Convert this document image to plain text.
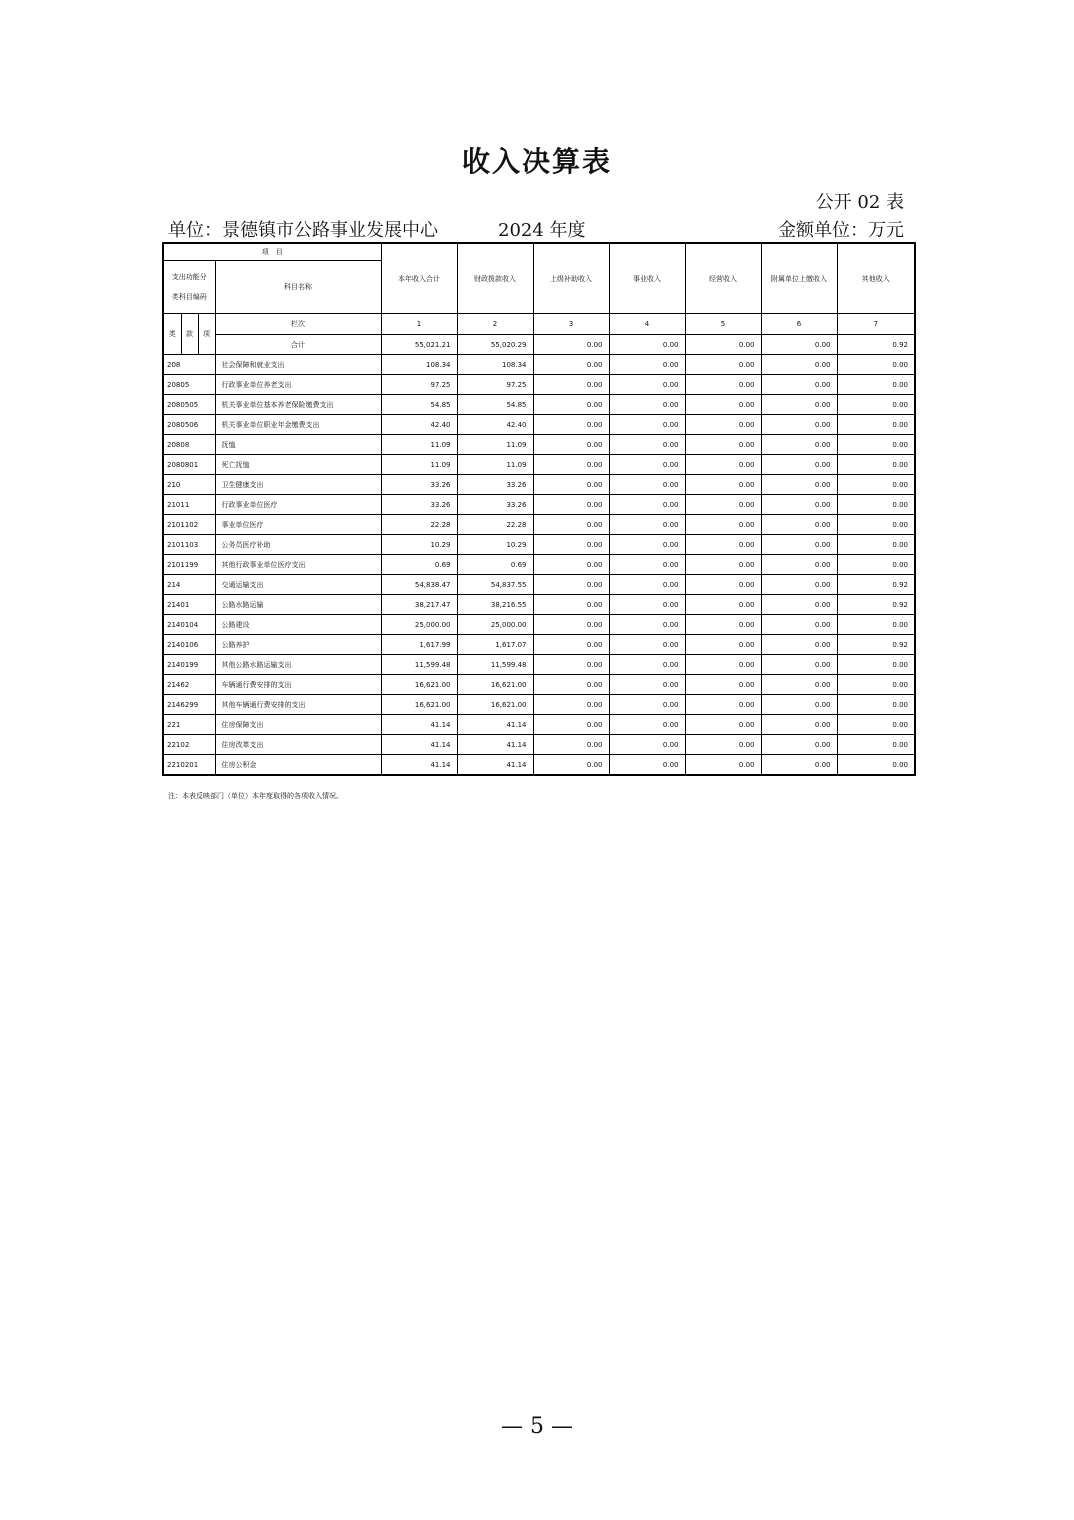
收入决算表
公开 02 表
单位：景德镇市公路事业发展中心	2024 年度	金额单位：万元
项　目				本年收入合计	财政拨款收入	上级补助收入	事业收入	经营收入	附属单位上缴收入	其他收入

支出功能分
类科目编码			科目名称							
类	款	项	栏次	1	2	3	4	5	6	7
			合计	55,021.21	55,020.29	0.00	0.00	0.00	0.00	0.92
208			社会保障和就业支出	108.34	108.34	0.00	0.00	0.00	0.00	0.00
20805			行政事业单位养老支出	97.25	97.25	0.00	0.00	0.00	0.00	0.00
2080505			机关事业单位基本养老保险缴费支出	54.85	54.85	0.00	0.00	0.00	0.00	0.00
2080506			机关事业单位职业年金缴费支出	42.40	42.40	0.00	0.00	0.00	0.00	0.00
20808			抚恤	11.09	11.09	0.00	0.00	0.00	0.00	0.00
2080801			死亡抚恤	11.09	11.09	0.00	0.00	0.00	0.00	0.00
210			卫生健康支出	33.26	33.26	0.00	0.00	0.00	0.00	0.00
21011			行政事业单位医疗	33.26	33.26	0.00	0.00	0.00	0.00	0.00
2101102			事业单位医疗	22.28	22.28	0.00	0.00	0.00	0.00	0.00
2101103			公务员医疗补助	10.29	10.29	0.00	0.00	0.00	0.00	0.00
2101199			其他行政事业单位医疗支出	0.69	0.69	0.00	0.00	0.00	0.00	0.00
214			交通运输支出	54,838.47	54,837.55	0.00	0.00	0.00	0.00	0.92
21401			公路水路运输	38,217.47	38,216.55	0.00	0.00	0.00	0.00	0.92
2140104			公路建设	25,000.00	25,000.00	0.00	0.00	0.00	0.00	0.00
2140106			公路养护	1,617.99	1,617.07	0.00	0.00	0.00	0.00	0.92
2140199			其他公路水路运输支出	11,599.48	11,599.48	0.00	0.00	0.00	0.00	0.00
21462			车辆通行费安排的支出	16,621.00	16,621.00	0.00	0.00	0.00	0.00	0.00
2146299			其他车辆通行费安排的支出	16,621.00	16,621.00	0.00	0.00	0.00	0.00	0.00
221			住房保障支出	41.14	41.14	0.00	0.00	0.00	0.00	0.00
22102			住房改革支出	41.14	41.14	0.00	0.00	0.00	0.00	0.00
2210201			住房公积金	41.14	41.14	0.00	0.00	0.00	0.00	0.00
注：本表反映部门（单位）本年度取得的各项收入情况。
— 5 —
